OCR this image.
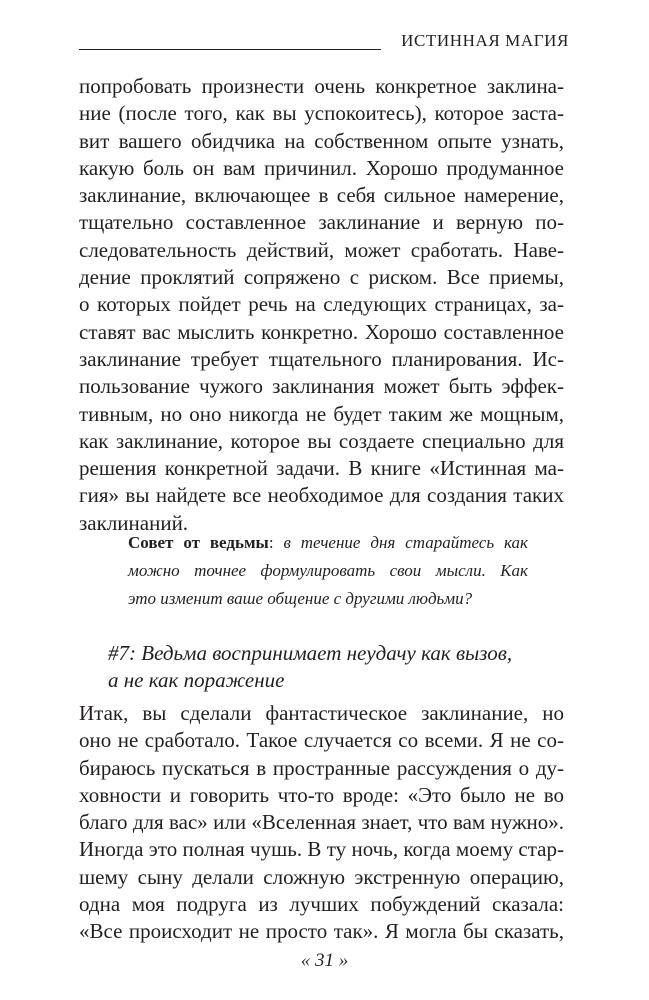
ИСТИННАЯ МАГИЯ
попробовать произнести очень конкретное заклина-
ние (после того, как вы успокоитесь), которое застa-
вит вашего обидчика на собственном опыте узнать,
какую боль он вам причинил. Хорошо продуманное
заклинание, включающее в себя сильное намерение,
тщательно составленное заклинание и верную по-
следовательность действий, может сработать. Наве-
дение проклятий сопряжено с риском. Все приемы,
о которых пойдет речь на следующих страницах, за-
ставят вас мыслить конкретно. Хорошо составленное
заклинание требует тщательного планирования. Ис-
пользование чужого заклинания может быть эффек-
тивным, но оно никогда не будет таким же мощным,
как заклинание, которое вы создаете специально для
решения конкретной задачи. В книге «Истинная ма-
гия» вы найдете все необходимое для создания таких
заклинаний.
Совет от ведьмы: в течение дня старайтесь как
можно точнее формулировать свои мысли. Как
это изменит ваше общение с другими людьми?
#7: Ведьма воспринимает неудачу как вызов,
а не как поражение
Итак, вы сделали фантастическое заклинание, но
оно не сработало. Такое случается со всеми. Я не со-
бираюсь пускаться в пространные рассуждения о ду-
ховности и говорить что-то вроде: «Это было не во
благо для вас» или «Вселенная знает, что вам нужно».
Иногда это полная чушь. В ту ночь, когда моему стар-
шему сыну делали сложную экстренную операцию,
одна моя подруга из лучших побуждений сказала:
«Все происходит не просто так». Я могла бы сказать,
« 31 »
